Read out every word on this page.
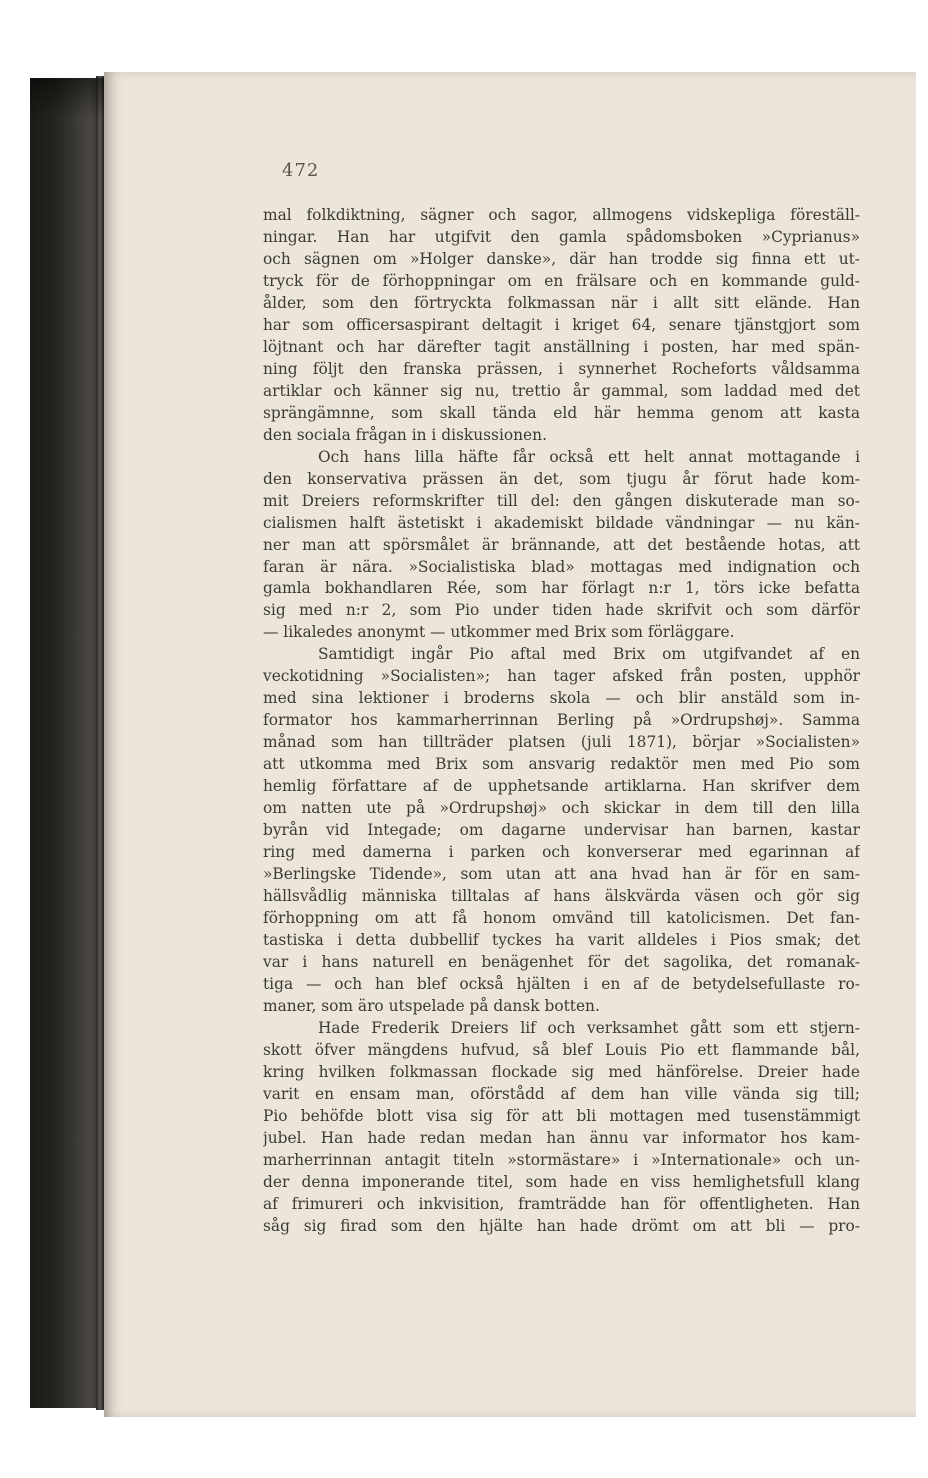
472
mal folkdiktning, sägner och sagor, allmogens vidskepliga föreställ-
ningar. Han har utgifvit den gamla spådomsboken »Cyprianus»
och sägnen om »Holger danske», där han trodde sig finna ett ut-
tryck för de förhoppningar om en frälsare och en kommande guld-
ålder, som den förtryckta folkmassan när i allt sitt elände. Han
har som officersaspirant deltagit i kriget 64, senare tjänstgjort som
löjtnant och har därefter tagit anställning i posten, har med spän-
ning följt den franska prässen, i synnerhet Rocheforts våldsamma
artiklar och känner sig nu, trettio år gammal, som laddad med det
sprängämnne, som skall tända eld här hemma genom att kasta
den sociala frågan in i diskussionen.
Och hans lilla häfte får också ett helt annat mottagande i
den konservativa prässen än det, som tjugu år förut hade kom-
mit Dreiers reformskrifter till del: den gången diskuterade man so-
cialismen halft ästetiskt i akademiskt bildade vändningar — nu kän-
ner man att spörsmålet är brännande, att det bestående hotas, att
faran är nära. »Socialistiska blad» mottagas med indignation och
gamla bokhandlaren Rée, som har förlagt n:r 1, törs icke befatta
sig med n:r 2, som Pio under tiden hade skrifvit och som därför
— likaledes anonymt — utkommer med Brix som förläggare.
Samtidigt ingår Pio aftal med Brix om utgifvandet af en
veckotidning »Socialisten»; han tager afsked från posten, upphör
med sina lektioner i broderns skola — och blir anstäld som in-
formator hos kammarherrinnan Berling på »Ordrupshøj». Samma
månad som han tillträder platsen (juli 1871), börjar »Socialisten»
att utkomma med Brix som ansvarig redaktör men med Pio som
hemlig författare af de upphetsande artiklarna. Han skrifver dem
om natten ute på »Ordrupshøj» och skickar in dem till den lilla
byrån vid Integade; om dagarne undervisar han barnen, kastar
ring med damerna i parken och konverserar med egarinnan af
»Berlingske Tidende», som utan att ana hvad han är för en sam-
hällsvådlig människa tilltalas af hans älskvärda väsen och gör sig
förhoppning om att få honom omvänd till katolicismen. Det fan-
tastiska i detta dubbellif tyckes ha varit alldeles i Pios smak; det
var i hans naturell en benägenhet för det sagolika, det romanak-
tiga — och han blef också hjälten i en af de betydelsefullaste ro-
maner, som äro utspelade på dansk botten.
Hade Frederik Dreiers lif och verksamhet gått som ett stjern-
skott öfver mängdens hufvud, så blef Louis Pio ett flammande bål,
kring hvilken folkmassan flockade sig med hänförelse. Dreier hade
varit en ensam man, oförstådd af dem han ville vända sig till;
Pio behöfde blott visa sig för att bli mottagen med tusenstämmigt
jubel. Han hade redan medan han ännu var informator hos kam-
marherrinnan antagit titeln »stormästare» i »Internationale» och un-
der denna imponerande titel, som hade en viss hemlighetsfull klang
af frimureri och inkvisition, framträdde han för offentligheten. Han
såg sig firad som den hjälte han hade drömt om att bli — pro-
